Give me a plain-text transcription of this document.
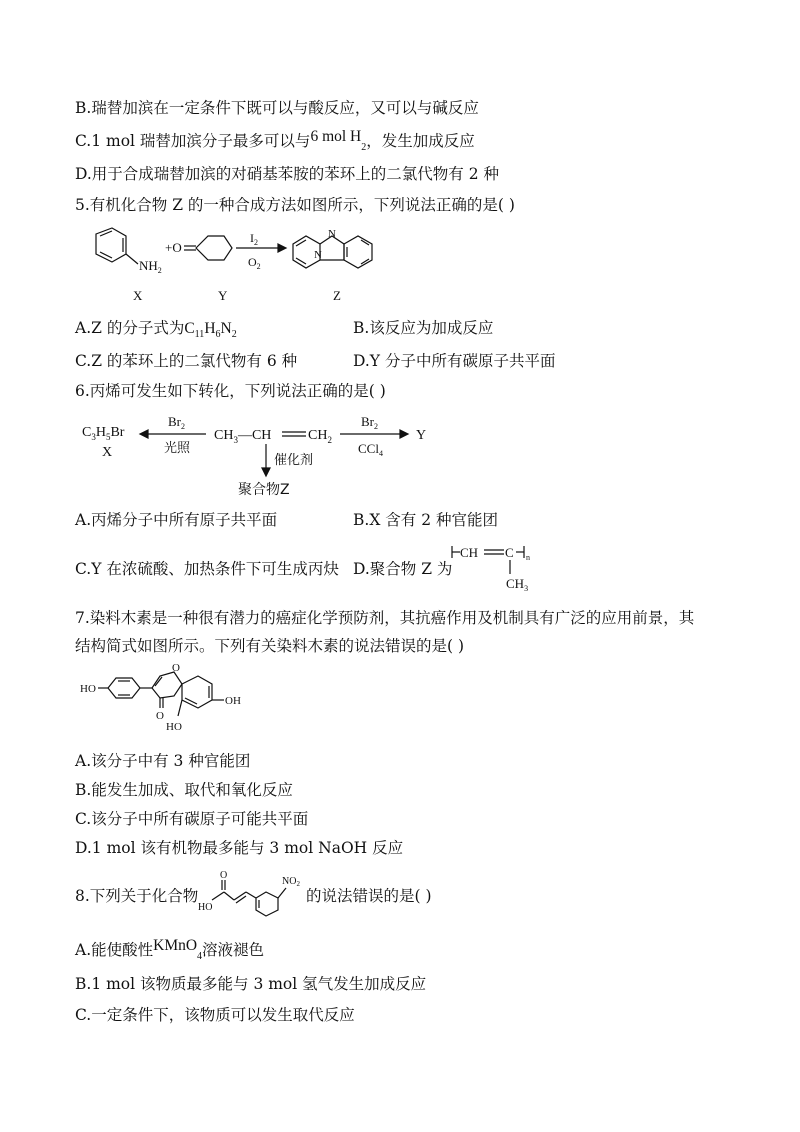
B.瑞替加滨在一定条件下既可以与酸反应，又可以与碱反应
C.1 mol 瑞替加滨分子最多可以与6 mol $H_2$，发生加成反应
D.用于合成瑞替加滨的对硝基苯胺的苯环上的二氯代物有 2 种
5.有机化合物 Z 的一种合成方法如图所示，下列说法正确的是( )
$NH_2$
X
+O
Y
$I_2$
$O_2$
N
N
Z
A.Z 的分子式为$C_{11}H_6N_2$	B.该反应为加成反应
C.Z 的苯环上的二氯代物有 6 种	D.Y 分子中所有碳原子共平面
6.丙烯可发生如下转化，下列说法正确的是( )
$C_3H_5Br$
X
$Br_2$
光照
$CH_3—CH$	$CH_2$
$Br_2$
CCl$_4$
Y
催化剂
聚合物Z
A.丙烯分子中所有原子共平面	B.X 含有 2 种官能团
C.Y 在浓硫酸、加热条件下可生成丙炔 D.聚合物 Z 为
CH C n
$CH_3$
7.染料木素是一种很有潜力的癌症化学预防剂，其抗癌作用及机制具有广泛的应用前景，其
结构简式如图所示。下列有关染料木素的说法错误的是( )
HO
O
O
OH
HO
A.该分子中有 3 种官能团
B.能发生加成、取代和氧化反应
C.该分子中所有碳原子可能共平面
D.1 mol 该有机物最多能与 3 mol NaOH 反应
8.下列关于化合物
O
HO
$NO_2$
的说法错误的是( )
A.能使酸性KMnO$_4$溶液褪色
B.1 mol 该物质最多能与 3 mol 氢气发生加成反应
C.一定条件下，该物质可以发生取代反应
